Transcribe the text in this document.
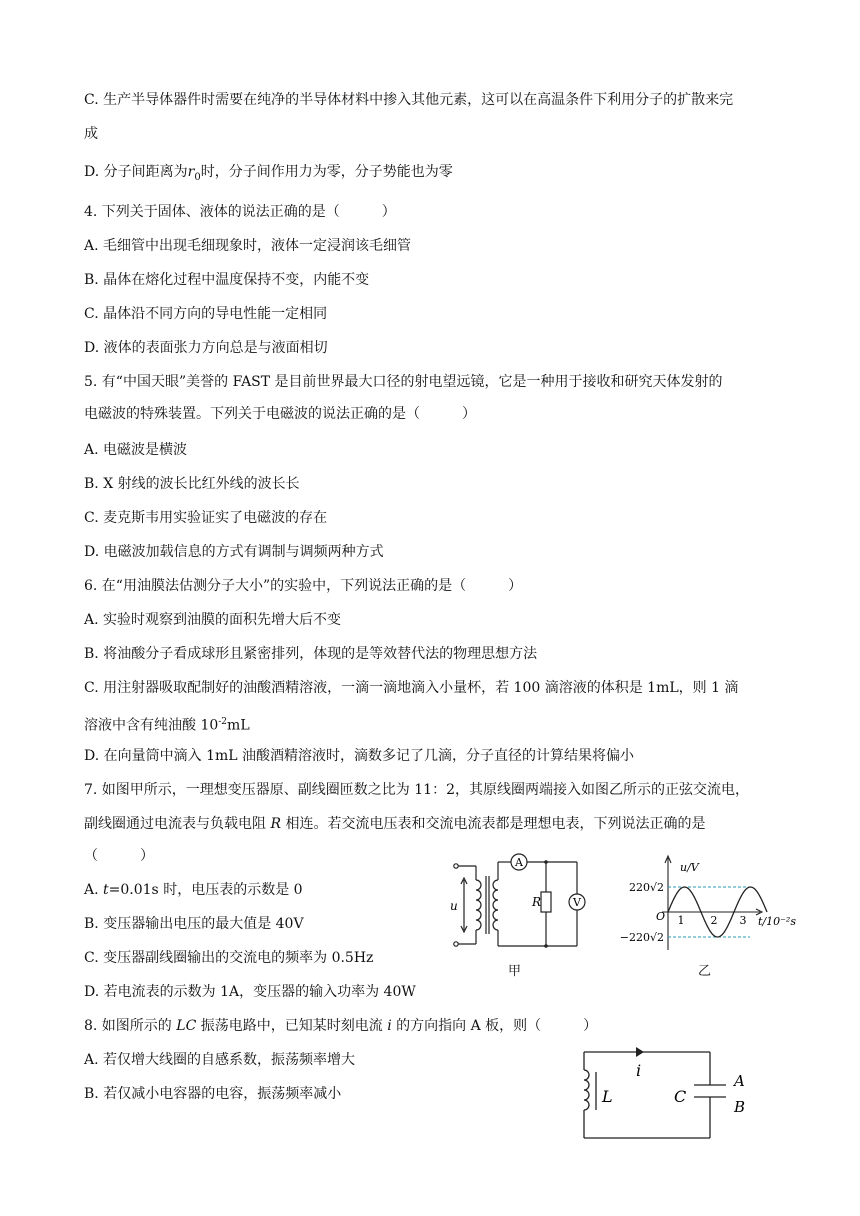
C. 生产半导体器件时需要在纯净的半导体材料中掺入其他元素，这可以在高温条件下利用分子的扩散来完
成
D. 分子间距离为$r_0$时，分子间作用力为零，分子势能也为零
4. 下列关于固体、液体的说法正确的是（　　　）
A. 毛细管中出现毛细现象时，液体一定浸润该毛细管
B. 晶体在熔化过程中温度保持不变，内能不变
C. 晶体沿不同方向的导电性能一定相同
D. 液体的表面张力方向总是与液面相切
5. 有“中国天眼”美誉的 FAST 是目前世界最大口径的射电望远镜，它是一种用于接收和研究天体发射的
电磁波的特殊装置。下列关于电磁波的说法正确的是（　　　）
A. 电磁波是横波
B. X 射线的波长比红外线的波长长
C. 麦克斯韦用实验证实了电磁波的存在
D. 电磁波加载信息的方式有调制与调频两种方式
6. 在“用油膜法估测分子大小”的实验中，下列说法正确的是（　　　）
A. 实验时观察到油膜的面积先增大后不变
B. 将油酸分子看成球形且紧密排列，体现的是等效替代法的物理思想方法
C. 用注射器吸取配制好的油酸酒精溶液，一滴一滴地滴入小量杯，若 100 滴溶液的体积是 1mL，则 1 滴
溶液中含有纯油酸 $10^{-2}mL$
D. 在向量筒中滴入 1mL 油酸酒精溶液时，滴数多记了几滴，分子直径的计算结果将偏小
7. 如图甲所示，一理想变压器原、副线圈匝数之比为 11：2，其原线圈两端接入如图乙所示的正弦交流电，
副线圈通过电流表与负载电阻 R 相连。若交流电压表和交流电流表都是理想电表，下列说法正确的是
（　　　）
A. t=0.01s 时，电压表的示数是 0
B. 变压器输出电压的最大值是 40V
C. 变压器副线圈输出的交流电的频率为 0.5Hz
D. 若电流表的示数为 1A，变压器的输入功率为 40W
8. 如图所示的 LC 振荡电路中，已知某时刻电流 i 的方向指向 A 板，则（　　　）
A. 若仅增大线圈的自感系数，振荡频率增大
B. 若仅减小电容器的电容，振荡频率减小
A
V
R
u
甲
u/V
220√2
−220√2
O 1 2 3 t/10⁻²s
乙
i
L	C
A
B
